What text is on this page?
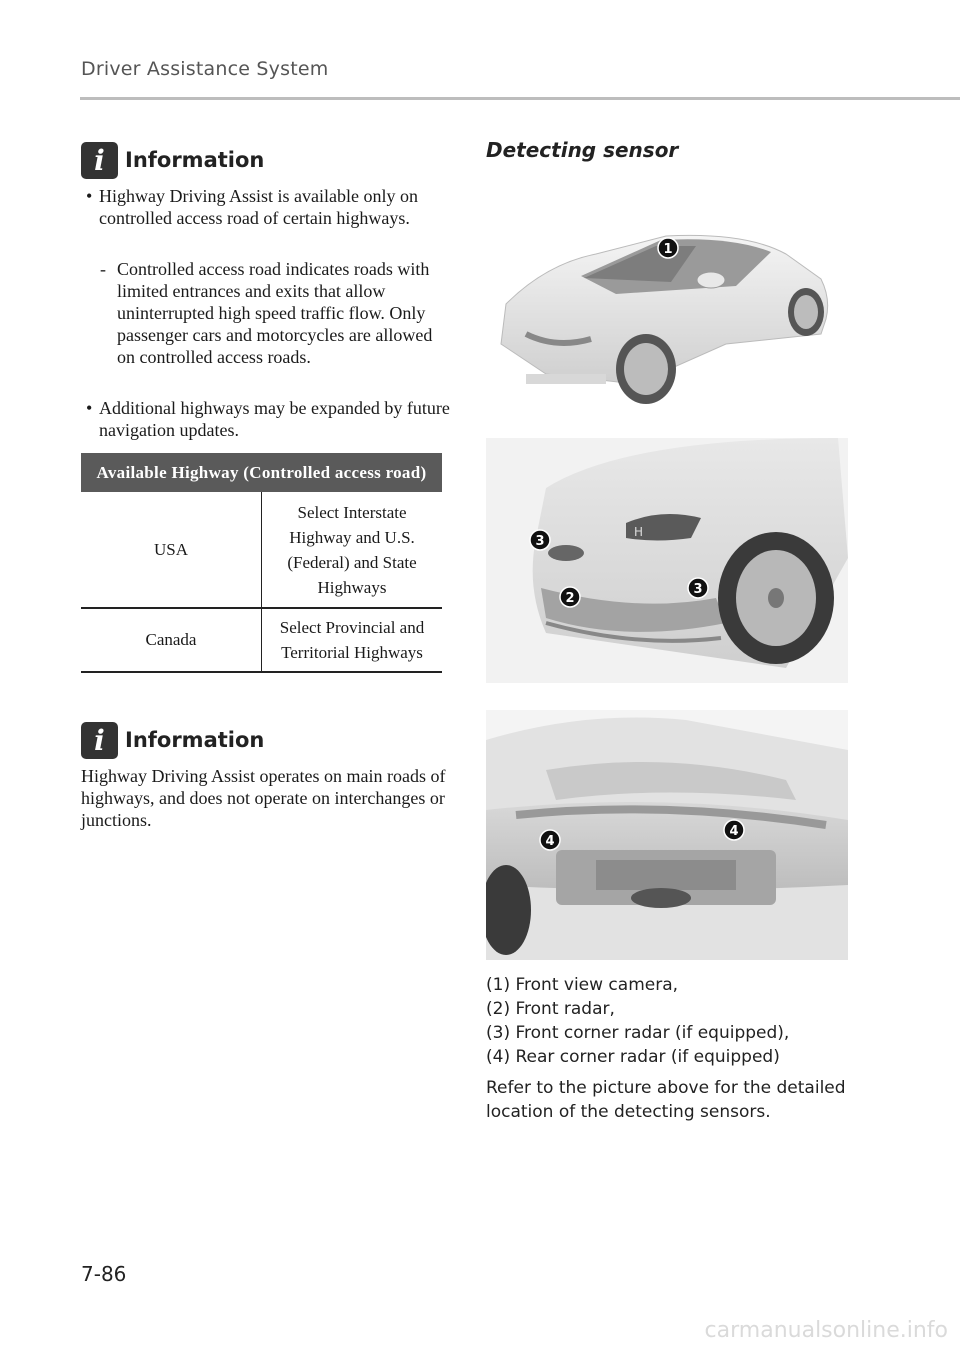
Driver Assistance System
i Information
• Highway Driving Assist is available only on controlled access road of certain highways.
- Controlled access road indicates roads with limited entrances and exits that allow uninterrupted high speed traffic flow. Only passenger cars and motorcycles are allowed on controlled access roads.
• Additional highways may be expanded by future navigation updates.
Available Highway (Controlled access road)
USA
Select Interstate Highway and U.S. (Federal) and State Highways
Canada
Select Provincial and Territorial Highways
i Information
Highway Driving Assist operates on main roads of highways, and does not operate on interchanges or junctions.
Detecting sensor
1
H
3
2
3
4
4
(1) Front view camera,
(2) Front radar,
(3) Front corner radar (if equipped),
(4) Rear corner radar (if equipped)
Refer to the picture above for the detailed location of the detecting sensors.
7-86
carmanualsonline.info
